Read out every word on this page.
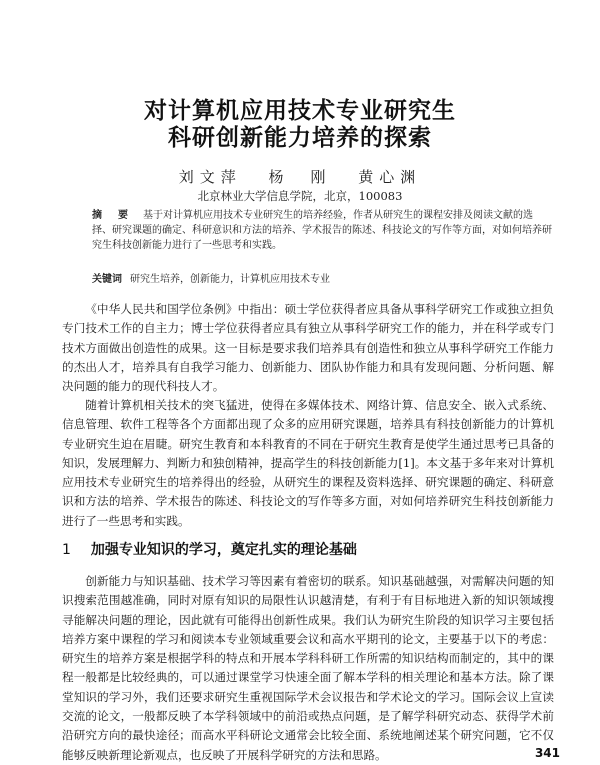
对计算机应用技术专业研究生
科研创新能力培养的探索
刘文萍 杨　刚 黄心渊
北京林业大学信息学院，北京，100083
摘　要 基于对计算机应用技术专业研究生的培养经验，作者从研究生的课程安排及阅读文献的选择、研究课题的确定、科研意识和方法的培养、学术报告的陈述、科技论文的写作等方面，对如何培养研究生科技创新能力进行了一些思考和实践。
关键词 研究生培养，创新能力，计算机应用技术专业

《中华人民共和国学位条例》中指出：硕士学位获得者应具备从事科学研究工作或独立担负专门技术工作的自主力；博士学位获得者应具有独立从事科学研究工作的能力，并在科学或专门技术方面做出创造性的成果。这一目标是要求我们培养具有创造性和独立从事科学研究工作能力的杰出人才，培养具有自我学习能力、创新能力、团队协作能力和具有发现问题、分析问题、解决问题的能力的现代科技人才。

随着计算机相关技术的突飞猛进，使得在多媒体技术、网络计算、信息安全、嵌入式系统、信息管理、软件工程等各个方面都出现了众多的应用研究课题，培养具有科技创新能力的计算机专业研究生迫在眉睫。研究生教育和本科教育的不同在于研究生教育是使学生通过思考已具备的知识，发展理解力、判断力和独创精神，提高学生的科技创新能力[1]。本文基于多年来对计算机应用技术专业研究生的培养得出的经验，从研究生的课程及资料选择、研究课题的确定、科研意识和方法的培养、学术报告的陈述、科技论文的写作等多方面，对如何培养研究生科技创新能力进行了一些思考和实践。

1 加强专业知识的学习，奠定扎实的理论基础

创新能力与知识基础、技术学习等因素有着密切的联系。知识基础越强，对需解决问题的知识搜索范围越准确，同时对原有知识的局限性认识越清楚，有利于有目标地进入新的知识领域搜寻能解决问题的理论，因此就有可能得出创新性成果。我们认为研究生阶段的知识学习主要包括培养方案中课程的学习和阅读本专业领域重要会议和高水平期刊的论文，主要基于以下的考虑：研究生的培养方案是根据学科的特点和开展本学科科研工作所需的知识结构而制定的，其中的课程一般都是比较经典的，可以通过课堂学习快速全面了解本学科的相关理论和基本方法。除了课堂知识的学习外，我们还要求研究生重视国际学术会议报告和学术论文的学习。国际会议上宣读交流的论文，一般都反映了本学科领域中的前沿或热点问题，是了解学科研究动态、获得学术前沿研究方向的最快途径；而高水平科研论文通常会比较全面、系统地阐述某个研究问题，它不仅能够反映新理论新观点，也反映了开展科学研究的方法和思路。	341
